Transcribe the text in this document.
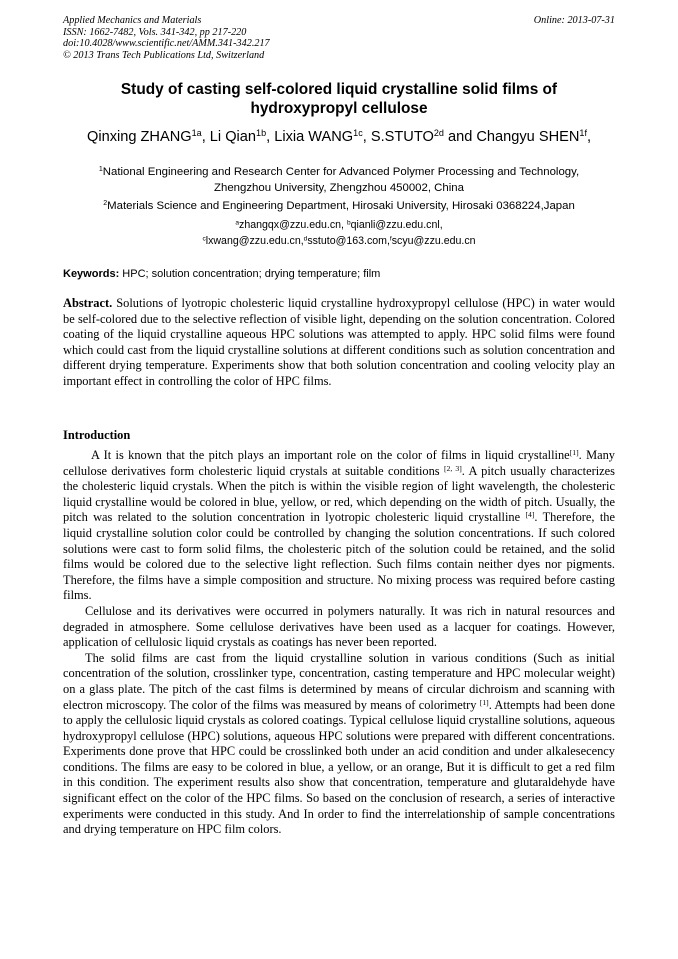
Applied Mechanics and Materials
ISSN: 1662-7482, Vols. 341-342, pp 217-220
doi:10.4028/www.scientific.net/AMM.341-342.217
© 2013 Trans Tech Publications Ltd, Switzerland
Online: 2013-07-31
Study of casting self-colored liquid crystalline solid films of
hydroxypropyl cellulose
Qinxing $ZHANG^{1a}$, Li Qian$^{1b}$, Lixia $WANG^{1c}$, $S.STUTO^{2d}$ and Changyu $SHEN^{1f}$,
$^1$National Engineering and Research Center for Advanced Polymer Processing and Technology,
Zhengzhou University, Zhengzhou 450002, China
$^2$Materials Science and Engineering Department, Hirosaki University, Hirosaki 0368224,Japan
$^a$zhangqx@zzu.edu.cn, $^b$qianli@zzu.edu.cnl,
$^c$lxwang@zzu.edu.cn,$^d$sstuto@163.com,$^f$scyu@zzu.edu.cn
Keywords: HPC; solution concentration; drying temperature; film
Abstract. Solutions of lyotropic cholesteric liquid crystalline hydroxypropyl cellulose (HPC) in water would be self-colored due to the selective reflection of visible light, depending on the solution concentration. Colored coating of the liquid crystalline aqueous HPC solutions was attempted to apply. HPC solid films were found which could cast from the liquid crystalline solutions at different conditions such as solution concentration and different drying temperature. Experiments show that both solution concentration and cooling velocity play an important effect in controlling the color of HPC films.
Introduction

A It is known that the pitch plays an important role on the color of films in liquid crystalline[1]. Many cellulose derivatives form cholesteric liquid crystals at suitable conditions [2, 3]. A pitch usually characterizes the cholesteric liquid crystals. When the pitch is within the visible region of light wavelength, the cholesteric liquid crystalline would be colored in blue, yellow, or red, which depending on the width of pitch. Usually, the pitch was related to the solution concentration in lyotropic cholesteric liquid crystalline [4]. Therefore, the liquid crystalline solution color could be controlled by changing the solution concentrations. If such colored solutions were cast to form solid films, the cholesteric pitch of the solution could be retained, and the solid films would be colored due to the selective light reflection. Such films contain neither dyes nor pigments. Therefore, the films have a simple composition and structure. No mixing process was required before casting films.

Cellulose and its derivatives were occurred in polymers naturally. It was rich in natural resources and degraded in atmosphere. Some cellulose derivatives have been used as a lacquer for coatings. However, application of cellulosic liquid crystals as coatings has never been reported.

The solid films are cast from the liquid crystalline solution in various conditions (Such as initial concentration of the solution, crosslinker type, concentration, casting temperature and HPC molecular weight) on a glass plate. The pitch of the cast films is determined by means of circular dichroism and scanning with electron microscopy. The color of the films was measured by means of colorimetry [1]. Attempts had been done to apply the cellulosic liquid crystals as colored coatings. Typical cellulose liquid crystalline solutions, aqueous hydroxypropyl cellulose (HPC) solutions, aqueous HPC solutions were prepared with different concentrations. Experiments done prove that HPC could be crosslinked both under an acid condition and under alkalesecency conditions. The films are easy to be colored in blue, a yellow, or an orange, But it is difficult to get a red film in this condition. The experiment results also show that concentration, temperature and glutaraldehyde have significant effect on the color of the HPC films. So based on the conclusion of research, a series of interactive experiments were conducted in this study. And In order to find the interrelationship of sample concentrations and drying temperature on HPC film colors.
